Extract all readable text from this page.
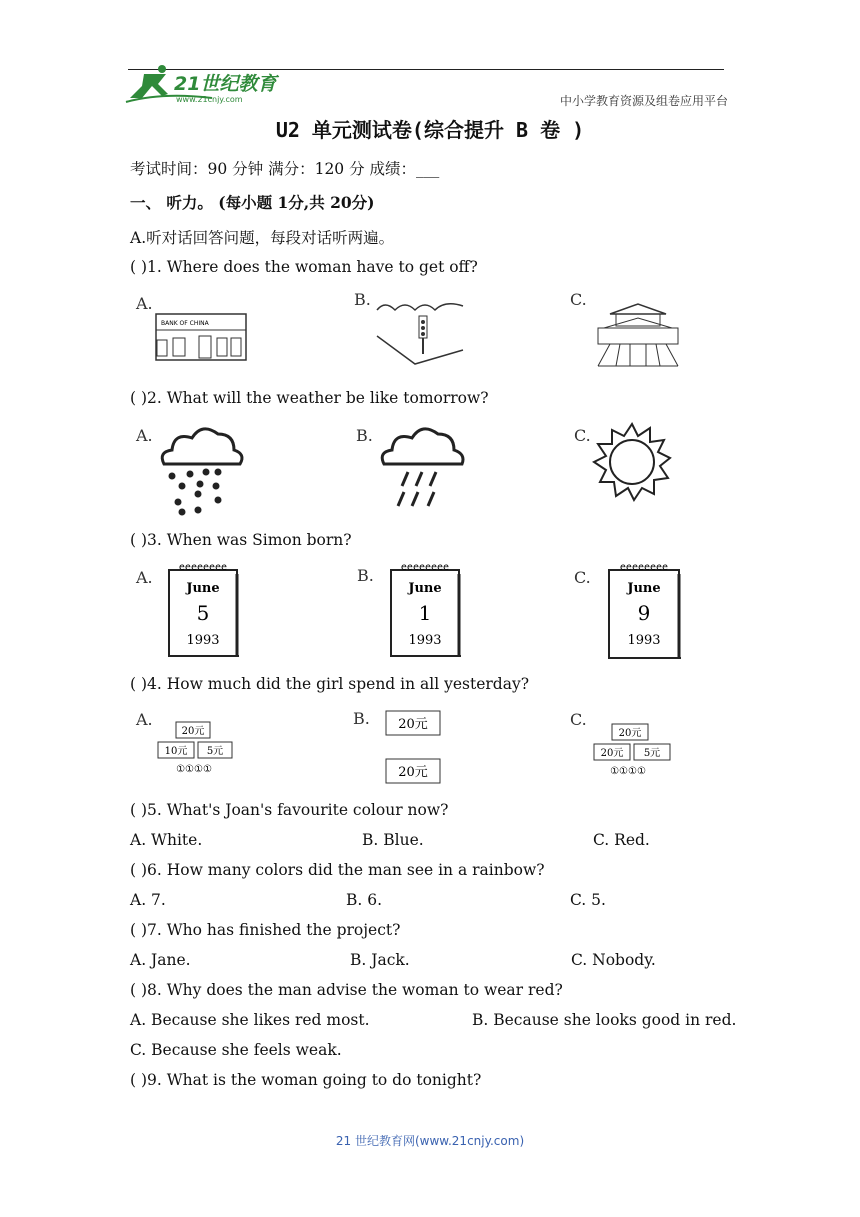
21世纪教育
www.21cnjy.com	中小学教育资源及组卷应用平台
U2 单元测试卷(综合提升 B 卷 )
考试时间：90 分钟 满分：120 分 成绩：___
一、 听力。 (每小题 1分,共 20分)
A.听对话回答问题，每段对话听两遍。
( )1. Where does the woman have to get off?
A.
BANK OF CHINA
B.	C.
( )2. What will the weather be like tomorrow?
A.	B.	C.
( )3. When was Simon born?
A.
eeeeeeee
June
5
1993
B.	eeeeeeee
June
1
1993
C.
eeeeeeee
June
9
1993
( )4. How much did the girl spend in all yesterday?
A.
20元
10元 5元
①①①①
B. 20元
20元
C.
20元
20元 5元
①①①①
( )5. What's Joan's favourite colour now?
A. White.	B. Blue.	C. Red.
( )6. How many colors did the man see in a rainbow?
A. 7.	B. 6.	C. 5.
( )7. Who has finished the project?
A. Jane.	B. Jack.	C. Nobody.
( )8. Why does the man advise the woman to wear red?
A. Because she likes red most.	B. Because she looks good in red.
C. Because she feels weak.
( )9. What is the woman going to do tonight?
21 世纪教育网(www.21cnjy.com)
